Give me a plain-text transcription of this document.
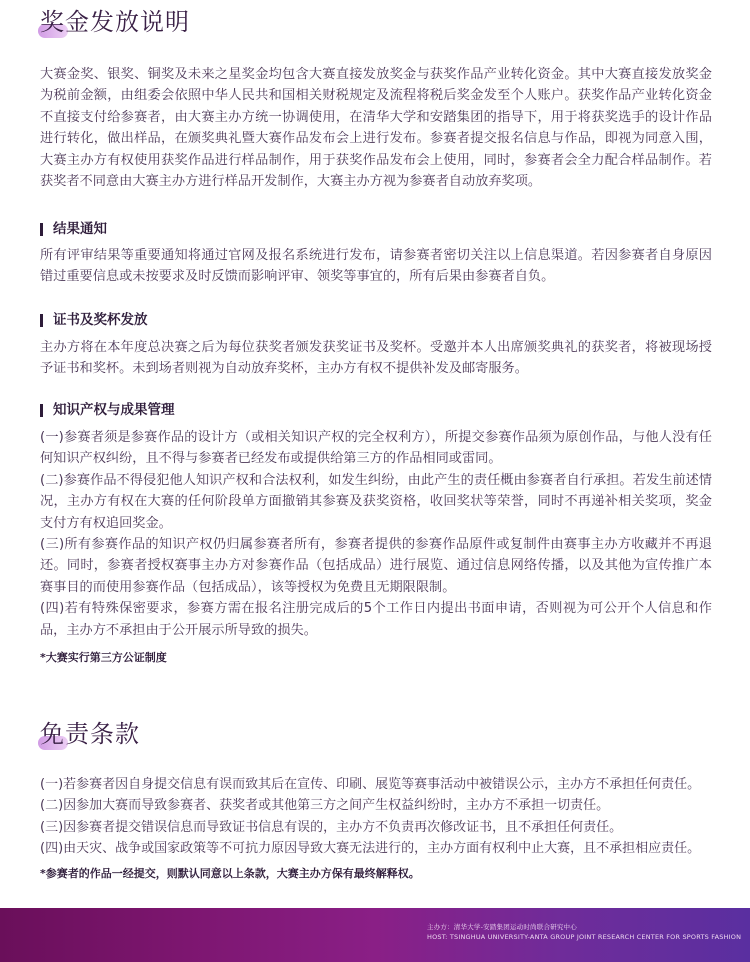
奖金发放说明

大赛金奖、银奖、铜奖及未来之星奖金均包含大赛直接发放奖金与获奖作品产业转化资金。其中大赛直接发放奖金为税前金额，由组委会依照中华人民共和国相关财税规定及流程将税后奖金发至个人账户。获奖作品产业转化资金不直接支付给参赛者，由大赛主办方统一协调使用，在清华大学和安踏集团的指导下，用于将获奖选手的设计作品进行转化，做出样品，在颁奖典礼暨大赛作品发布会上进行发布。参赛者提交报名信息与作品，即视为同意入围，大赛主办方有权使用获奖作品进行样品制作，用于获奖作品发布会上使用，同时，参赛者会全力配合样品制作。若获奖者不同意由大赛主办方进行样品开发制作，大赛主办方视为参赛者自动放弃奖项。

结果通知

所有评审结果等重要通知将通过官网及报名系统进行发布，请参赛者密切关注以上信息渠道。若因参赛者自身原因错过重要信息或未按要求及时反馈而影响评审、领奖等事宜的，所有后果由参赛者自负。

证书及奖杯发放

主办方将在本年度总决赛之后为每位获奖者颁发获奖证书及奖杯。受邀并本人出席颁奖典礼的获奖者，将被现场授予证书和奖杯。未到场者则视为自动放弃奖杯，主办方有权不提供补发及邮寄服务。

知识产权与成果管理
(一)参赛者须是参赛作品的设计方（或相关知识产权的完全权利方），所提交参赛作品须为原创作品，与他人没有任何知识产权纠纷，且不得与参赛者已经发布或提供给第三方的作品相同或雷同。
(二)参赛作品不得侵犯他人知识产权和合法权利，如发生纠纷，由此产生的责任概由参赛者自行承担。若发生前述情况，主办方有权在大赛的任何阶段单方面撤销其参赛及获奖资格，收回奖状等荣誉，同时不再递补相关奖项，奖金支付方有权追回奖金。
(三)所有参赛作品的知识产权仍归属参赛者所有，参赛者提供的参赛作品原件或复制件由赛事主办方收藏并不再退还。同时，参赛者授权赛事主办方对参赛作品（包括成品）进行展览、通过信息网络传播，以及其他为宣传推广本赛事目的而使用参赛作品（包括成品），该等授权为免费且无期限限制。
(四)若有特殊保密要求，参赛方需在报名注册完成后的5个工作日内提出书面申请，否则视为可公开个人信息和作品，主办方不承担由于公开展示所导致的损失。

*大赛实行第三方公证制度

免责条款
(一)若参赛者因自身提交信息有误而致其后在宣传、印刷、展览等赛事活动中被错误公示，主办方不承担任何责任。
(二)因参加大赛而导致参赛者、获奖者或其他第三方之间产生权益纠纷时，主办方不承担一切责任。
(三)因参赛者提交错误信息而导致证书信息有误的，主办方不负责再次修改证书，且不承担任何责任。
(四)由天灾、战争或国家政策等不可抗力原因导致大赛无法进行的，主办方面有权利中止大赛，且不承担相应责任。

*参赛者的作品一经提交，则默认同意以上条款，大赛主办方保有最终解释权。

主办方：清华大学-安踏集团运动时尚联合研究中心
HOST: TSINGHUA UNIVERSITY-ANTA GROUP JOINT RESEARCH CENTER FOR SPORTS FASHION
